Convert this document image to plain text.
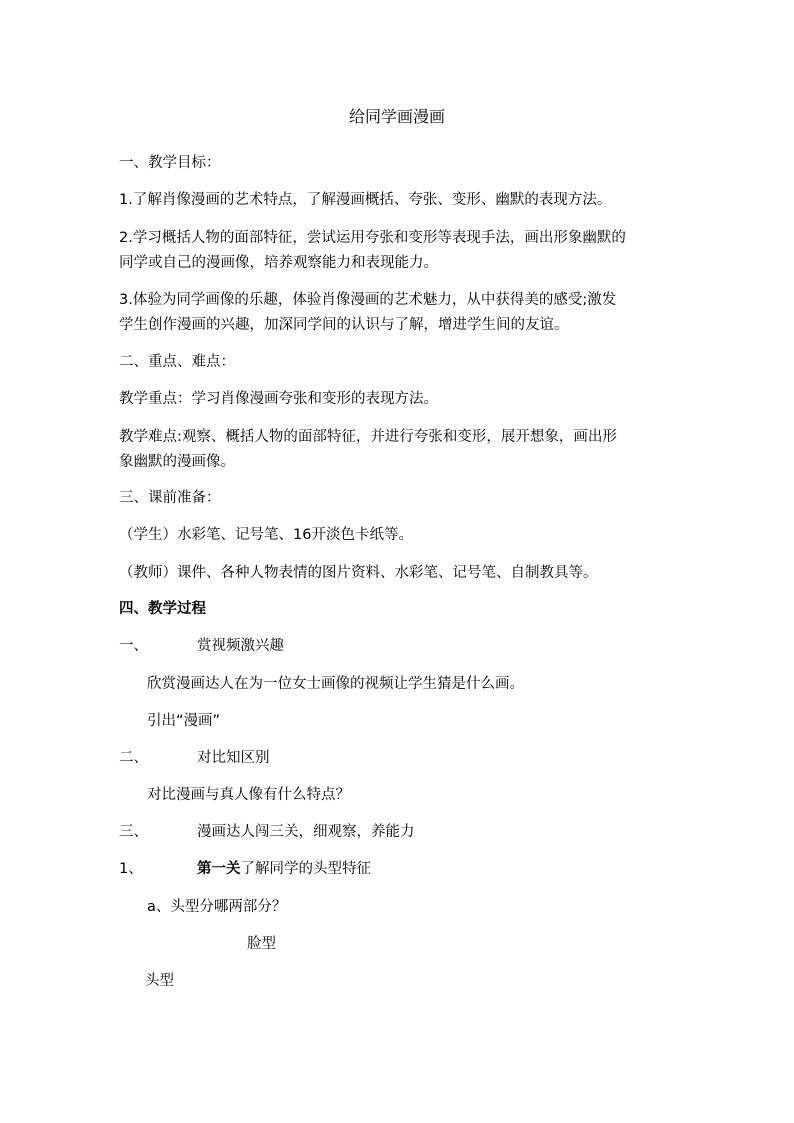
给同学画漫画
一、教学目标：
1.了解肖像漫画的艺术特点，了解漫画概括、夸张、变形、幽默的表现方法。
2.学习概括人物的面部特征，尝试运用夸张和变形等表现手法，画出形象幽默的
同学或自己的漫画像，培养观察能力和表现能力。
3.体验为同学画像的乐趣，体验肖像漫画的艺术魅力，从中获得美的感受;激发
学生创作漫画的兴趣，加深同学间的认识与了解，增进学生间的友谊。
二、重点、难点：
教学重点：学习肖像漫画夸张和变形的表现方法。
教学难点:观察、概括人物的面部特征，并进行夸张和变形，展开想象，画出形
象幽默的漫画像。
三、课前准备：
（学生）水彩笔、记号笔、16开淡色卡纸等。
（教师）课件、各种人物表情的图片资料、水彩笔、记号笔、自制教具等。
四、教学过程
一、	赏视频激兴趣
欣赏漫画达人在为一位女士画像的视频让学生猜是什么画。
引出“漫画”
二、	对比知区别
对比漫画与真人像有什么特点？
三、	漫画达人闯三关，细观察，养能力
1、	第一关了解同学的头型特征
a、头型分哪两部分？
脸型
头型
